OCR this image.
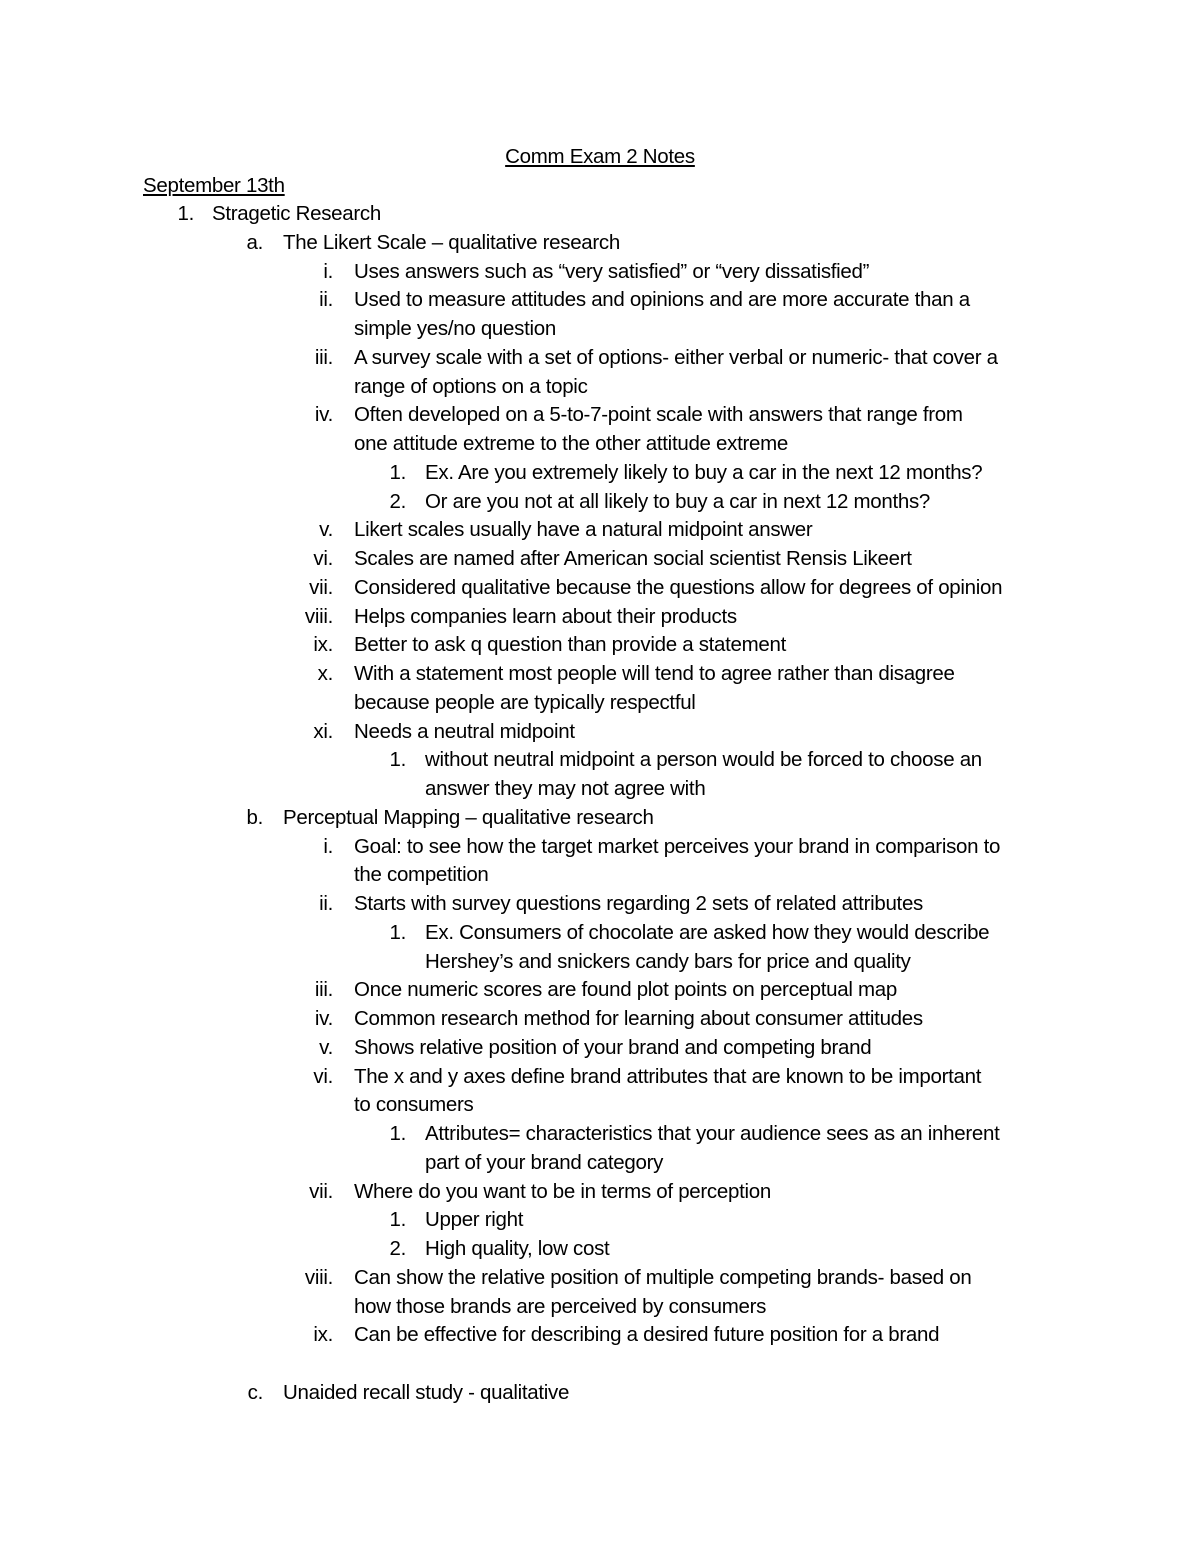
Comm Exam 2 Notes
September 13th
1. Stragetic Research
a. The Likert Scale – qualitative research
i. Uses answers such as “very satisfied” or “very dissatisfied”
ii. Used to measure attitudes and opinions and are more accurate than a
simple yes/no question
iii. A survey scale with a set of options- either verbal or numeric- that cover a
range of options on a topic
iv. Often developed on a 5-to-7-point scale with answers that range from
one attitude extreme to the other attitude extreme
1. Ex. Are you extremely likely to buy a car in the next 12 months?
2. Or are you not at all likely to buy a car in next 12 months?
v. Likert scales usually have a natural midpoint answer
vi. Scales are named after American social scientist Rensis Likeert
vii. Considered qualitative because the questions allow for degrees of opinion
viii. Helps companies learn about their products
ix. Better to ask q question than provide a statement
x. With a statement most people will tend to agree rather than disagree
because people are typically respectful
xi. Needs a neutral midpoint
1. without neutral midpoint a person would be forced to choose an
answer they may not agree with
b. Perceptual Mapping – qualitative research
i. Goal: to see how the target market perceives your brand in comparison to
the competition
ii. Starts with survey questions regarding 2 sets of related attributes
1. Ex. Consumers of chocolate are asked how they would describe
Hershey’s and snickers candy bars for price and quality
iii. Once numeric scores are found plot points on perceptual map
iv. Common research method for learning about consumer attitudes
v. Shows relative position of your brand and competing brand
vi. The x and y axes define brand attributes that are known to be important
to consumers
1. Attributes= characteristics that your audience sees as an inherent
part of your brand category
vii. Where do you want to be in terms of perception
1. Upper right
2. High quality, low cost
viii. Can show the relative position of multiple competing brands- based on
how those brands are perceived by consumers
ix. Can be effective for describing a desired future position for a brand
c. Unaided recall study - qualitative
